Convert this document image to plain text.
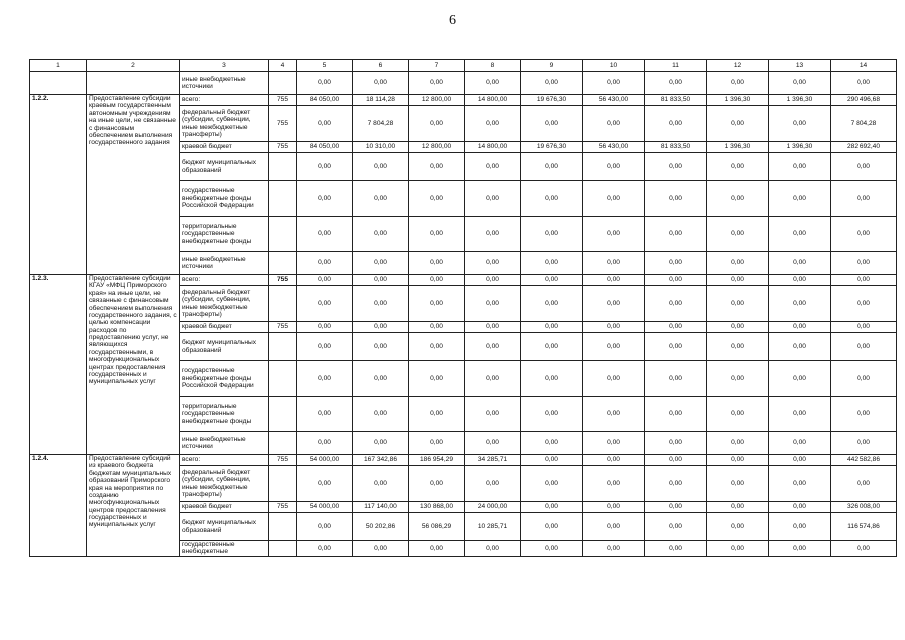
6
1	2	3	4	5	6	7	8	9	10	11	12	13	14
		иные внебюджетные источники		0,00	0,00	0,00	0,00	0,00	0,00	0,00	0,00	0,00	0,00
1.2.2.	Предоставление субсидии краевым государственным автономным учреждениям на иные цели, не связанные с финансовым обеспечением выполнения государственного задания	всего:	755	84 050,00	18 114,28	12 800,00	14 800,00	19 676,30	56 430,00	81 833,50	1 396,30	1 396,30	290 496,68
		федеральный бюджет (субсидии, субвенции, иные межбюджетные трансферты)	755	0,00	7 804,28	0,00	0,00	0,00	0,00	0,00	0,00	0,00	7 804,28
		краевой бюджет	755	84 050,00	10 310,00	12 800,00	14 800,00	19 676,30	56 430,00	81 833,50	1 396,30	1 396,30	282 692,40
		бюджет муниципальных образований		0,00	0,00	0,00	0,00	0,00	0,00	0,00	0,00	0,00	0,00
		государственные внебюджетные фонды Российской Федерации		0,00	0,00	0,00	0,00	0,00	0,00	0,00	0,00	0,00	0,00
		территориальные государственные внебюджетные фонды		0,00	0,00	0,00	0,00	0,00	0,00	0,00	0,00	0,00	0,00
		иные внебюджетные источники		0,00	0,00	0,00	0,00	0,00	0,00	0,00	0,00	0,00	0,00
1.2.3.	Предоставление субсидии КГАУ «МФЦ Приморского края» на иные цели, не связанные с финансовым обеспечением выполнения государственного задания, с целью компенсации расходов по предоставлению услуг, не являющихся государственными, в многофункциональных центрах предоставления государственных и муниципальных услуг	всего:	755	0,00	0,00	0,00	0,00	0,00	0,00	0,00	0,00	0,00	0,00
		федеральный бюджет (субсидии, субвенции, иные межбюджетные трансферты)		0,00	0,00	0,00	0,00	0,00	0,00	0,00	0,00	0,00	0,00
		краевой бюджет	755	0,00	0,00	0,00	0,00	0,00	0,00	0,00	0,00	0,00	0,00
		бюджет муниципальных образований		0,00	0,00	0,00	0,00	0,00	0,00	0,00	0,00	0,00	0,00
		государственные внебюджетные фонды Российской Федерации		0,00	0,00	0,00	0,00	0,00	0,00	0,00	0,00	0,00	0,00
		территориальные государственные внебюджетные фонды		0,00	0,00	0,00	0,00	0,00	0,00	0,00	0,00	0,00	0,00
		иные внебюджетные источники		0,00	0,00	0,00	0,00	0,00	0,00	0,00	0,00	0,00	0,00
1.2.4.	Предоставление субсидий из краевого бюджета бюджетам муниципальных образований Приморского края на мероприятия по созданию многофункциональных центров предоставления государственных и муниципальных услуг	всего:	755	54 000,00	167 342,86	186 954,29	34 285,71	0,00	0,00	0,00	0,00	0,00	442 582,86
		федеральный бюджет (субсидии, субвенции, иные межбюджетные трансферты)		0,00	0,00	0,00	0,00	0,00	0,00	0,00	0,00	0,00	0,00
		краевой бюджет	755	54 000,00	117 140,00	130 868,00	24 000,00	0,00	0,00	0,00	0,00	0,00	326 008,00
		бюджет муниципальных образований		0,00	50 202,86	56 086,29	10 285,71	0,00	0,00	0,00	0,00	0,00	116 574,86
		государственные внебюджетные		0,00	0,00	0,00	0,00	0,00	0,00	0,00	0,00	0,00	0,00
